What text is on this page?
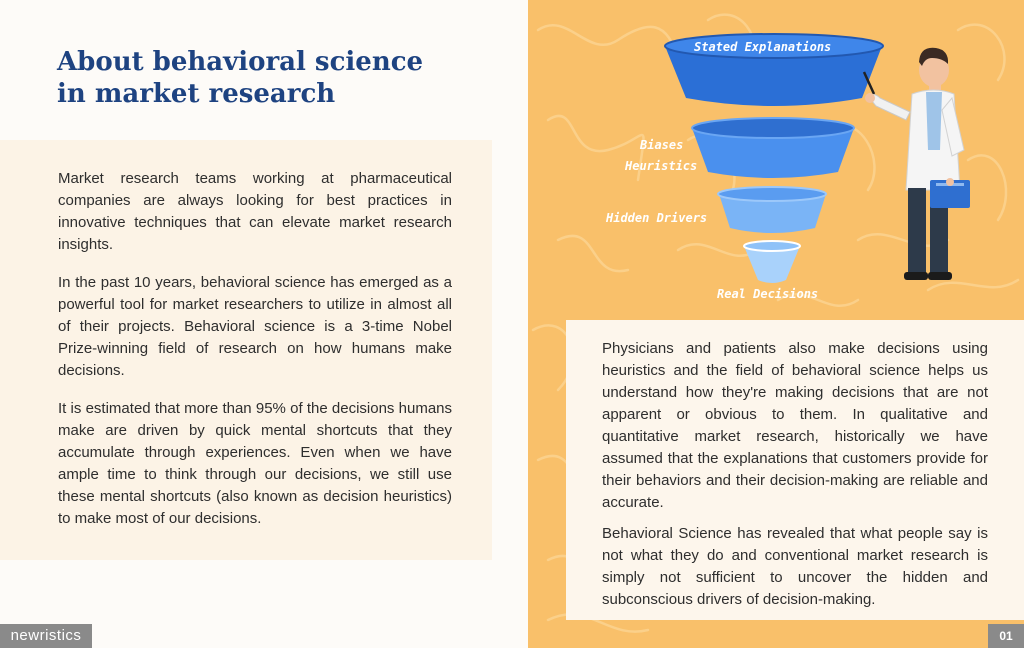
About behavioral science
in market research

Market research teams working at pharmaceutical companies are always looking for best practices in innovative techniques that can elevate market research insights.

In the past 10 years, behavioral science has emerged as a powerful tool for market researchers to utilize in almost all of their projects. Behavioral science is a 3-time Nobel Prize-winning field of research on how humans make decisions.

It is estimated that more than 95% of the decisions humans make are driven by quick mental shortcuts that they accumulate through experiences. Even when we have ample time to think through our decisions, we still use these mental shortcuts (also known as decision heuristics) to make most of our decisions.

Stated Explanations
Biases
Heuristics
Hidden Drivers
Real Decisions

Physicians and patients also make decisions using heuristics and the field of behavioral science helps us understand how they're making decisions that are not apparent or obvious to them. In qualitative and quantitative market research, historically we have assumed that the explanations that customers provide for their behaviors and their decision-making are reliable and accurate.

Behavioral Science has revealed that what people say is not what they do and conventional market research is simply not sufficient to uncover the hidden and subconscious drivers of decision-making.

newristics	01
